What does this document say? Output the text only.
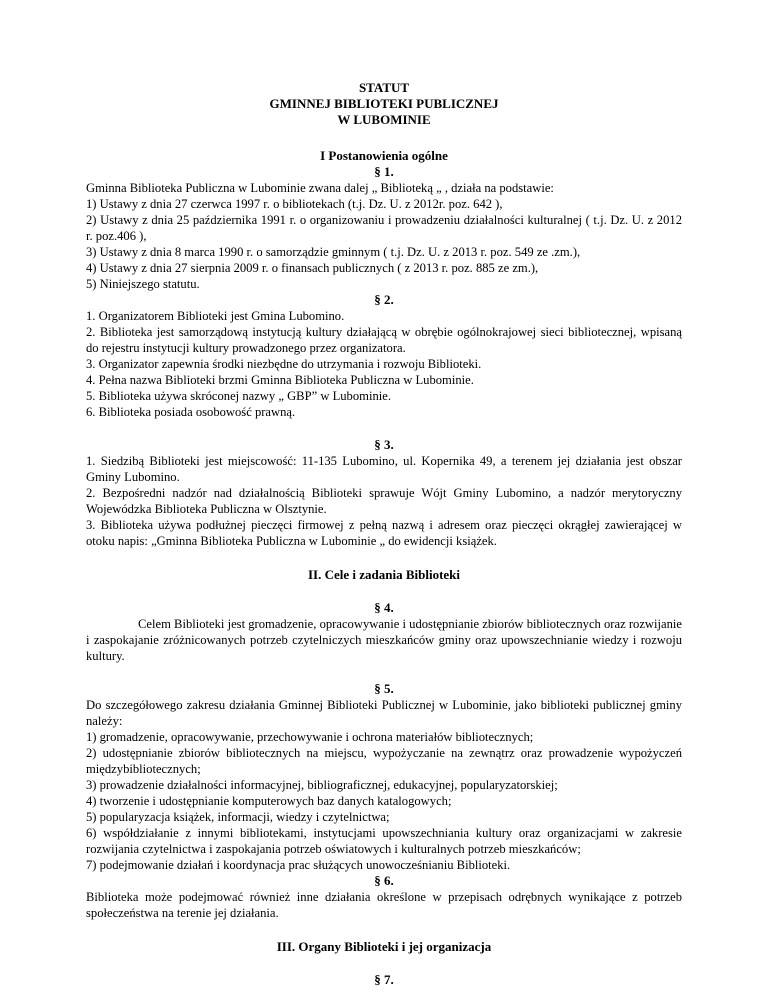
STATUT
GMINNEJ BIBLIOTEKI PUBLICZNEJ
W LUBOMINIE
I Postanowienia ogólne
§ 1.
Gminna Biblioteka Publiczna w Lubominie zwana dalej „ Biblioteką „ , działa na podstawie:
1) Ustawy z dnia 27 czerwca 1997 r. o bibliotekach (t.j. Dz. U. z 2012r. poz. 642 ),
2) Ustawy z dnia 25 października 1991 r. o organizowaniu i prowadzeniu działalności kulturalnej ( t.j. Dz. U. z 2012 r. poz.406 ),
3) Ustawy z dnia 8 marca 1990 r. o samorządzie gminnym ( t.j. Dz. U. z 2013 r. poz. 549 ze .zm.),
4) Ustawy z dnia 27 sierpnia 2009 r. o finansach publicznych ( z 2013 r. poz. 885 ze zm.),
5) Niniejszego statutu.
§ 2.
1. Organizatorem Biblioteki jest Gmina Lubomino.
2. Biblioteka jest samorządową instytucją kultury działającą w obrębie ogólnokrajowej sieci bibliotecznej, wpisaną do rejestru instytucji kultury prowadzonego przez organizatora.
3. Organizator zapewnia środki niezbędne do utrzymania i rozwoju Biblioteki.
4. Pełna nazwa Biblioteki brzmi Gminna Biblioteka Publiczna w Lubominie.
5. Biblioteka używa skróconej nazwy „ GBP” w Lubominie.
6. Biblioteka posiada osobowość prawną.
§ 3.
1. Siedzibą Biblioteki jest miejscowość: 11-135 Lubomino, ul. Kopernika 49, a terenem jej działania jest obszar Gminy Lubomino.
2. Bezpośredni nadzór nad działalnością Biblioteki sprawuje Wójt Gminy Lubomino, a nadzór merytoryczny Wojewódzka Biblioteka Publiczna w Olsztynie.
3. Biblioteka używa podłużnej pieczęci firmowej z pełną nazwą i adresem oraz pieczęci okrągłej zawierającej w otoku napis: „Gminna Biblioteka Publiczna w Lubominie „ do ewidencji książek.
II. Cele i zadania Biblioteki
§ 4.
Celem Biblioteki jest gromadzenie, opracowywanie i udostępnianie zbiorów bibliotecznych oraz rozwijanie i zaspokajanie zróżnicowanych potrzeb czytelniczych mieszkańców gminy oraz upowszechnianie wiedzy i rozwoju kultury.
§ 5.
Do szczegółowego zakresu działania Gminnej Biblioteki Publicznej w Lubominie, jako biblioteki publicznej gminy należy:
1) gromadzenie, opracowywanie, przechowywanie i ochrona materiałów bibliotecznych;
2) udostępnianie zbiorów bibliotecznych na miejscu, wypożyczanie na zewnątrz oraz prowadzenie wypożyczeń międzybibliotecznych;
3) prowadzenie działalności informacyjnej, bibliograficznej, edukacyjnej, popularyzatorskiej;
4) tworzenie i udostępnianie komputerowych baz danych katalogowych;
5) popularyzacja książek, informacji, wiedzy i czytelnictwa;
6) współdziałanie z innymi bibliotekami, instytucjami upowszechniania kultury oraz organizacjami w zakresie rozwijania czytelnictwa i zaspokajania potrzeb oświatowych i kulturalnych potrzeb mieszkańców;
7) podejmowanie działań i koordynacja prac służących unowocześnianiu Biblioteki.
§ 6.
Biblioteka może podejmować również inne działania określone w przepisach odrębnych wynikające z potrzeb społeczeństwa na terenie jej działania.
III. Organy Biblioteki i jej organizacja
§ 7.
